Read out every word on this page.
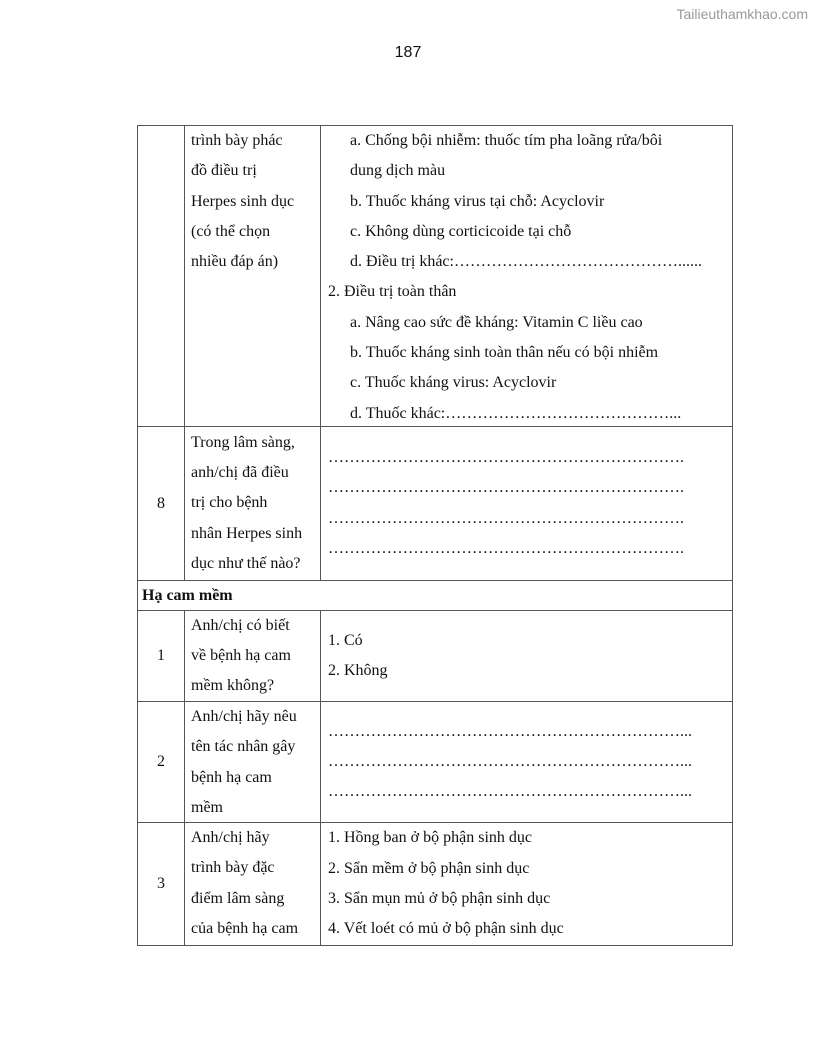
Tailieuthamkhao.com
187
trình bày phác
đồ điều trị
Herpes sinh dục
(có thể chọn
nhiều đáp án)
a. Chống bội nhiễm: thuốc tím pha loãng rửa/bôi
dung dịch màu
b. Thuốc kháng virus tại chỗ: Acyclovir
c. Không dùng corticicoide tại chỗ
d. Điều trị khác:……………………………………......
2. Điều trị toàn thân
a. Nâng cao sức đề kháng: Vitamin C liều cao
b. Thuốc kháng sinh toàn thân nếu có bội nhiễm
c. Thuốc kháng virus: Acyclovir
d. Thuốc khác:……………………………………...
8
Trong lâm sàng,
anh/chị đã điều
trị cho bệnh
nhân Herpes sinh
dục như thế nào?
………………………………………………………….
………………………………………………………….
………………………………………………………….
………………………………………………………….
Hạ cam mềm
1
Anh/chị có biết
về bệnh hạ cam
mềm không?
1. Có
2. Không
2
Anh/chị hãy nêu
tên tác nhân gây
bệnh hạ cam
mềm
…………………………………………………………...
…………………………………………………………...
…………………………………………………………...
3
Anh/chị hãy
trình bày đặc
điểm lâm sàng
của bệnh hạ cam
1. Hồng ban ở bộ phận sinh dục
2. Sẩn mềm ở bộ phận sinh dục
3. Sẩn mụn mủ ở bộ phận sinh dục
4. Vết loét có mủ ở bộ phận sinh dục
